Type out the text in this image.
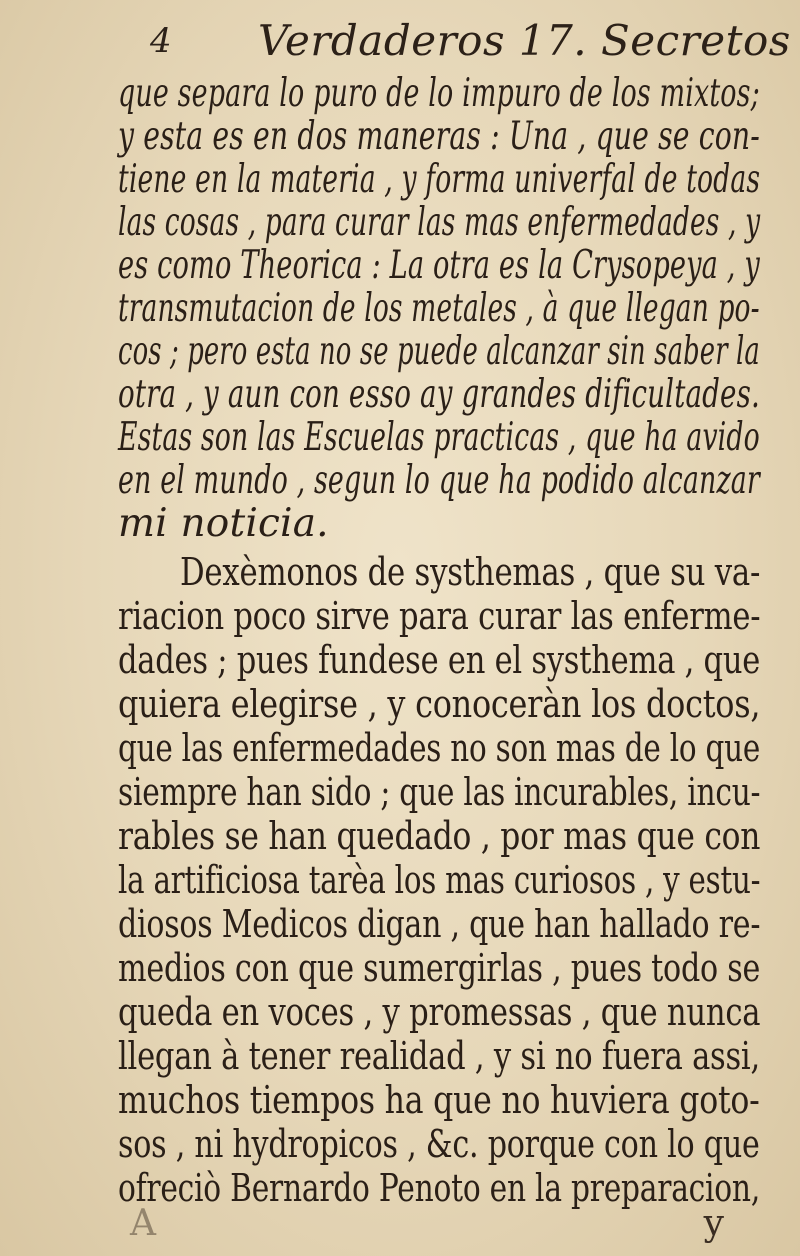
4 Verdaderos 17. Secretos
que separa lo puro de lo impuro de los mixtos;
y esta es en dos maneras : Una , que se con-
tiene en la materia , y forma univerfal de todas
las cosas , para curar las mas enfermedades , y
es como Theorica : La otra es la Crysopeya , y
transmutacion de los metales , à que llegan po-
cos ; pero esta no se puede alcanzar sin saber la
otra , y aun con esso ay grandes dificultades.
Estas son las Escuelas practicas , que ha avido
en el mundo , segun lo que ha podido alcanzar
mi noticia.
Dexèmonos de systhemas , que su va-
riacion poco sirve para curar las enferme-
dades ; pues fundese en el systhema , que
quiera elegirse , y conoceràn los doctos,
que las enfermedades no son mas de lo que
siempre han sido ; que las incurables, incu-
rables se han quedado , por mas que con
la artificiosa tarèa los mas curiosos , y estu-
diosos Medicos digan , que han hallado re-
medios con que sumergirlas , pues todo se
queda en voces , y promessas , que nunca
llegan à tener realidad , y si no fuera assi,
muchos tiempos ha que no huviera goto-
sos , ni hydropicos , &c. porque con lo que
ofreciò Bernardo Penoto en la preparacion,
A	y
